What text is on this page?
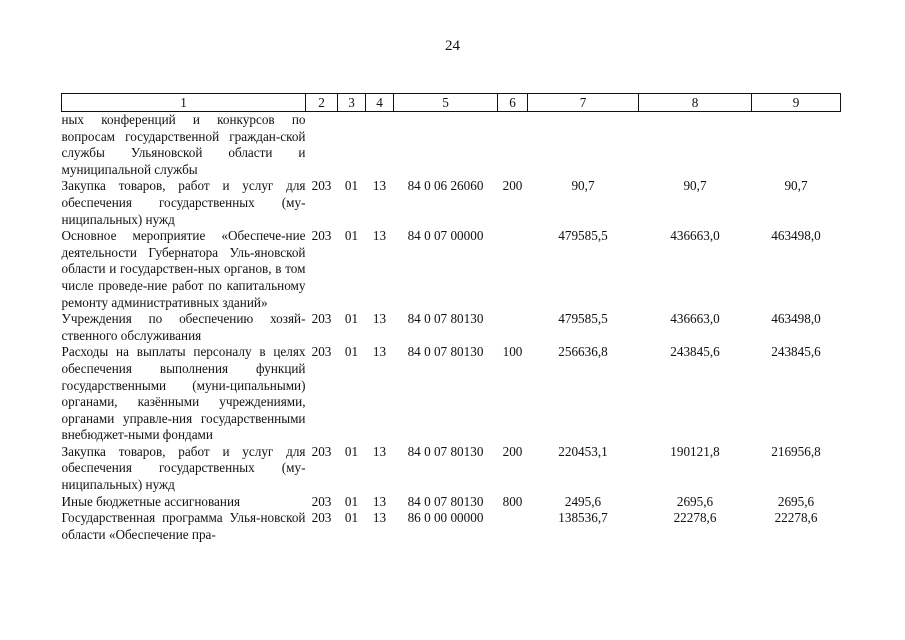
24
1	2	3	4	5	6	7	8	9
ных конференций и конкурсов по вопросам государственной граждан-ской службы Ульяновской области и муниципальной службы								
Закупка товаров, работ и услуг для обеспечения государственных (му-ниципальных) нужд	203	01	13	84 0 06 26060	200	90,7	90,7	90,7
Основное мероприятие «Обеспече-ние деятельности Губернатора Уль-яновской области и государствен-ных органов, в том числе проведе-ние работ по капитальному ремонту административных зданий»	203	01	13	84 0 07 00000		479585,5	436663,0	463498,0
Учреждения по обеспечению хозяй-ственного обслуживания	203	01	13	84 0 07 80130		479585,5	436663,0	463498,0
Расходы на выплаты персоналу в целях обеспечения выполнения функций государственными (муни-ципальными) органами, казёнными учреждениями, органами управле-ния государственными внебюджет-ными фондами	203	01	13	84 0 07 80130	100	256636,8	243845,6	243845,6
Закупка товаров, работ и услуг для обеспечения государственных (му-ниципальных) нужд	203	01	13	84 0 07 80130	200	220453,1	190121,8	216956,8
Иные бюджетные ассигнования	203	01	13	84 0 07 80130	800	2495,6	2695,6	2695,6
Государственная программа Улья-новской области «Обеспечение пра-	203	01	13	86 0 00 00000		138536,7	22278,6	22278,6
